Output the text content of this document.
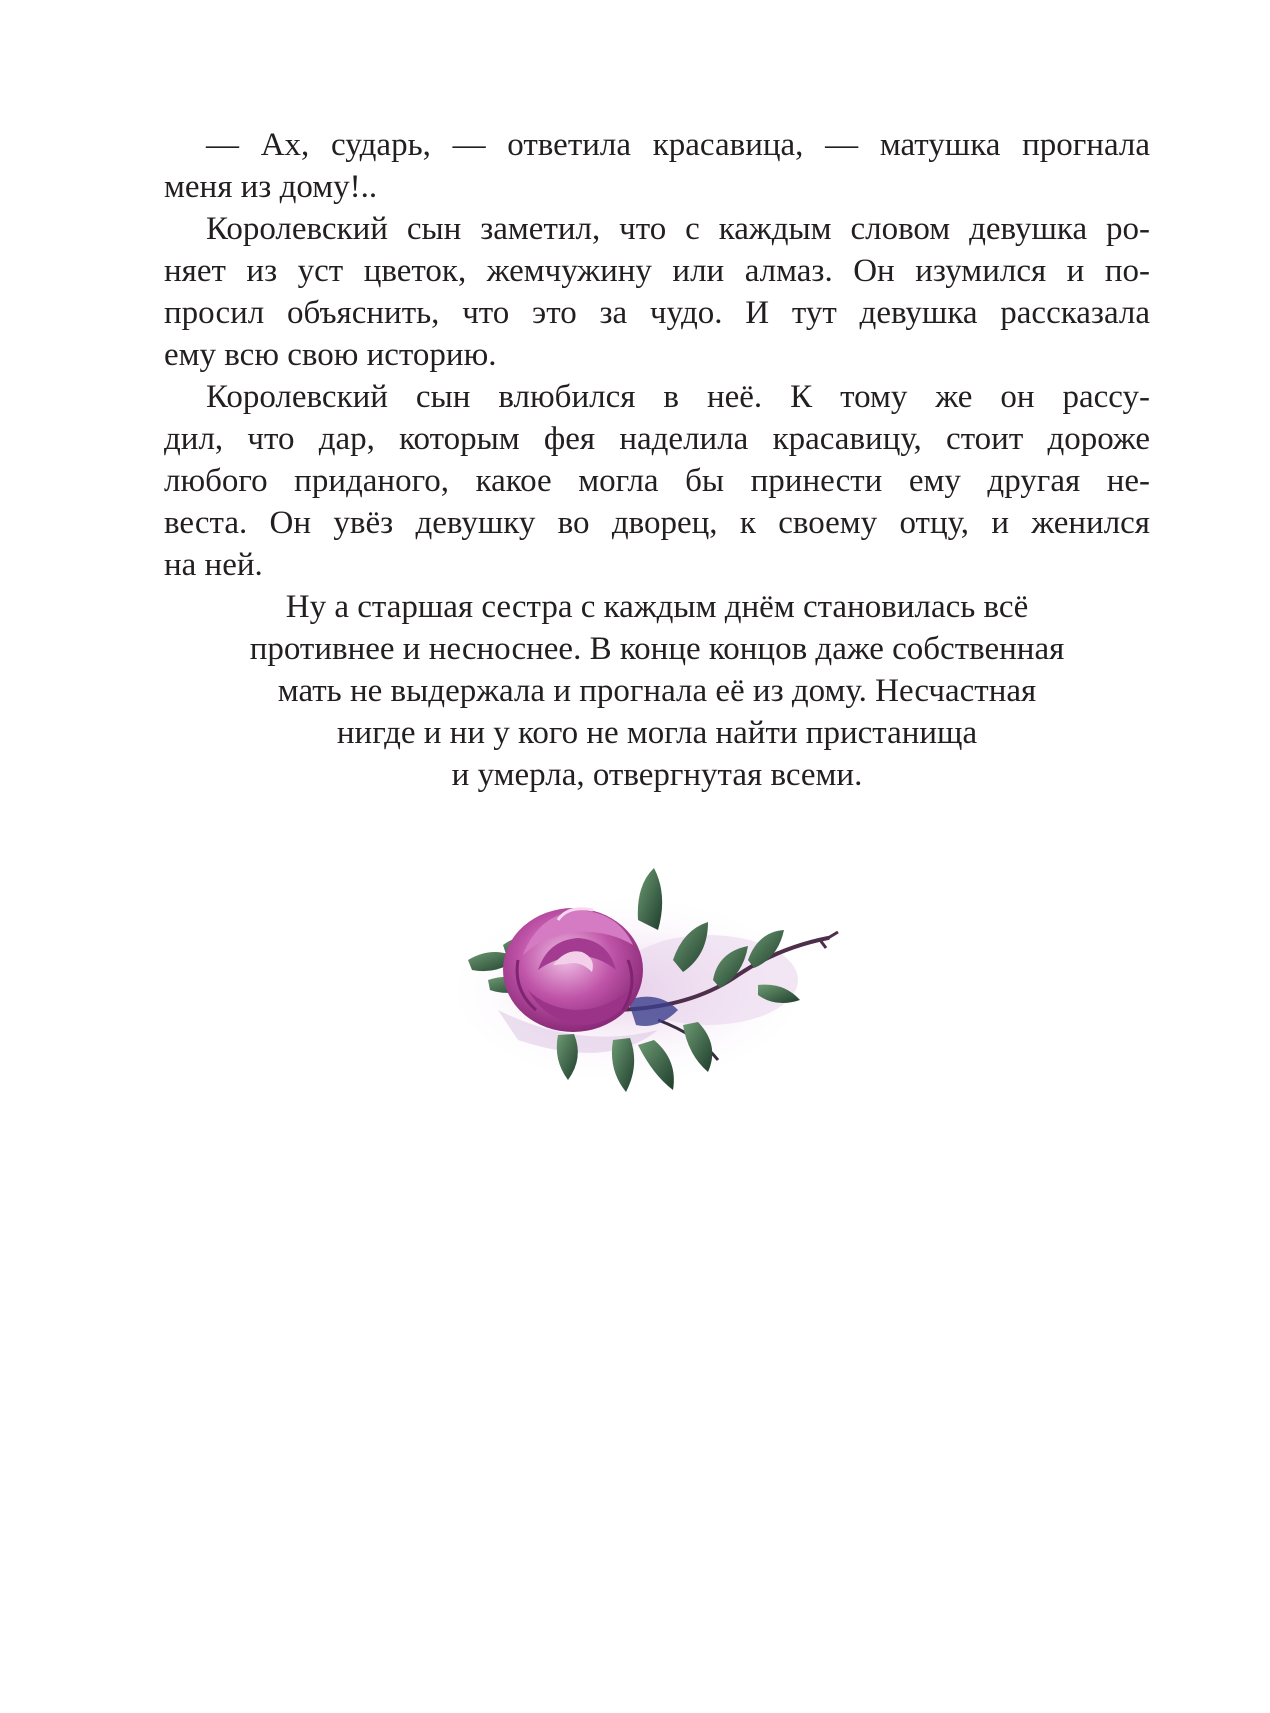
— Ах, сударь, — ответила красавица, — матушка прогнала
меня из дому!..
Королевский сын заметил, что с каждым словом девушка ро-
няет из уст цветок, жемчужину или алмаз. Он изумился и по-
просил объяснить, что это за чудо. И тут девушка рассказала
ему всю свою историю.
Королевский сын влюбился в неё. К тому же он рассу-
дил, что дар, которым фея наделила красавицу, стоит дороже
любого приданого, какое могла бы принести ему другая не-
веста. Он увёз девушку во дворец, к своему отцу, и женился
на ней.
Ну а старшая сестра с каждым днём становилась всё
противнее и несноснее. В конце концов даже собственная
мать не выдержала и прогнала её из дому. Несчастная
нигде и ни у кого не могла найти пристанища
и умерла, отвергнутая всеми.
